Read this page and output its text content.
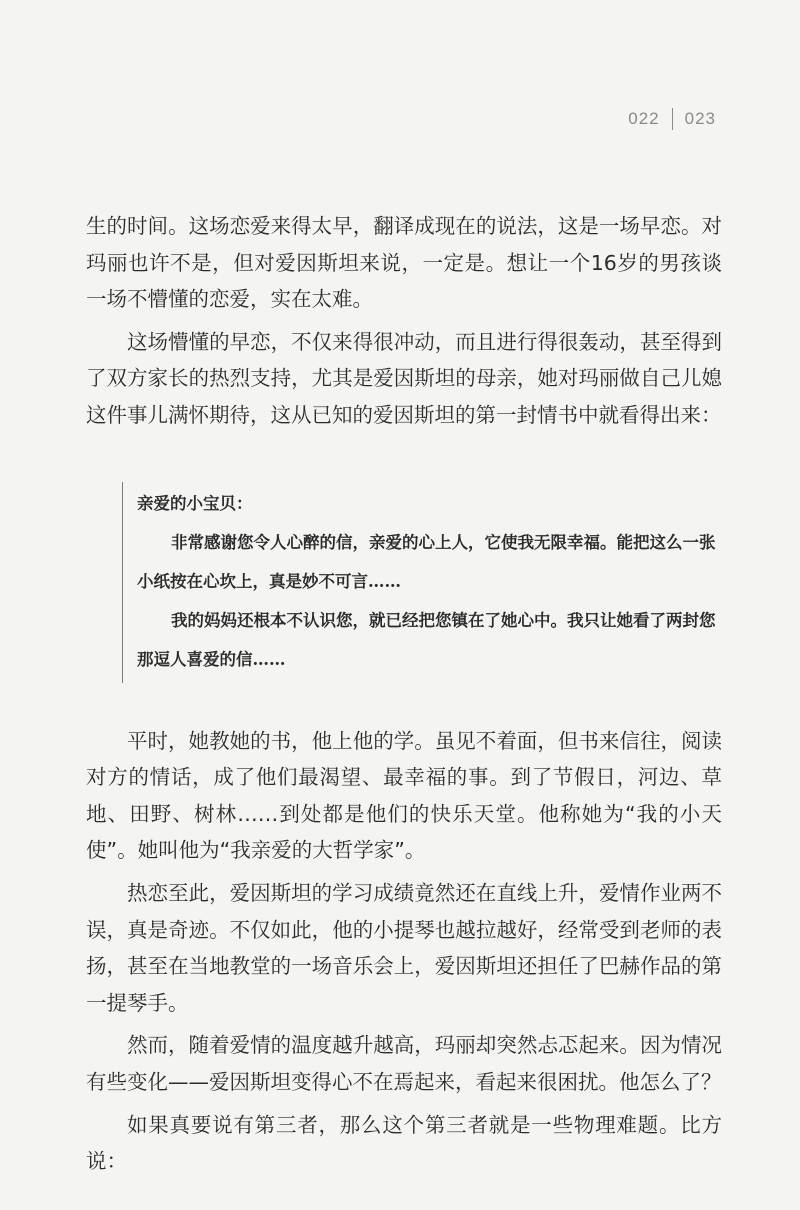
022 023

生的时间。这场恋爱来得太早，翻译成现在的说法，这是一场早恋。对玛丽也许不是，但对爱因斯坦来说，一定是。想让一个16岁的男孩谈一场不懵懂的恋爱，实在太难。

这场懵懂的早恋，不仅来得很冲动，而且进行得很轰动，甚至得到了双方家长的热烈支持，尤其是爱因斯坦的母亲，她对玛丽做自己儿媳这件事儿满怀期待，这从已知的爱因斯坦的第一封情书中就看得出来：

亲爱的小宝贝：

非常感谢您令人心醉的信，亲爱的心上人，它使我无限幸福。能把这么一张小纸按在心坎上，真是妙不可言……

我的妈妈还根本不认识您，就已经把您镇在了她心中。我只让她看了两封您那逗人喜爱的信……

平时，她教她的书，他上他的学。虽见不着面，但书来信往，阅读对方的情话，成了他们最渴望、最幸福的事。到了节假日，河边、草地、田野、树林……到处都是他们的快乐天堂。他称她为“我的小天使”。她叫他为“我亲爱的大哲学家”。

热恋至此，爱因斯坦的学习成绩竟然还在直线上升，爱情作业两不误，真是奇迹。不仅如此，他的小提琴也越拉越好，经常受到老师的表扬，甚至在当地教堂的一场音乐会上，爱因斯坦还担任了巴赫作品的第一提琴手。

然而，随着爱情的温度越升越高，玛丽却突然忐忑起来。因为情况有些变化——爱因斯坦变得心不在焉起来，看起来很困扰。他怎么了？

如果真要说有第三者，那么这个第三者就是一些物理难题。比方说：
